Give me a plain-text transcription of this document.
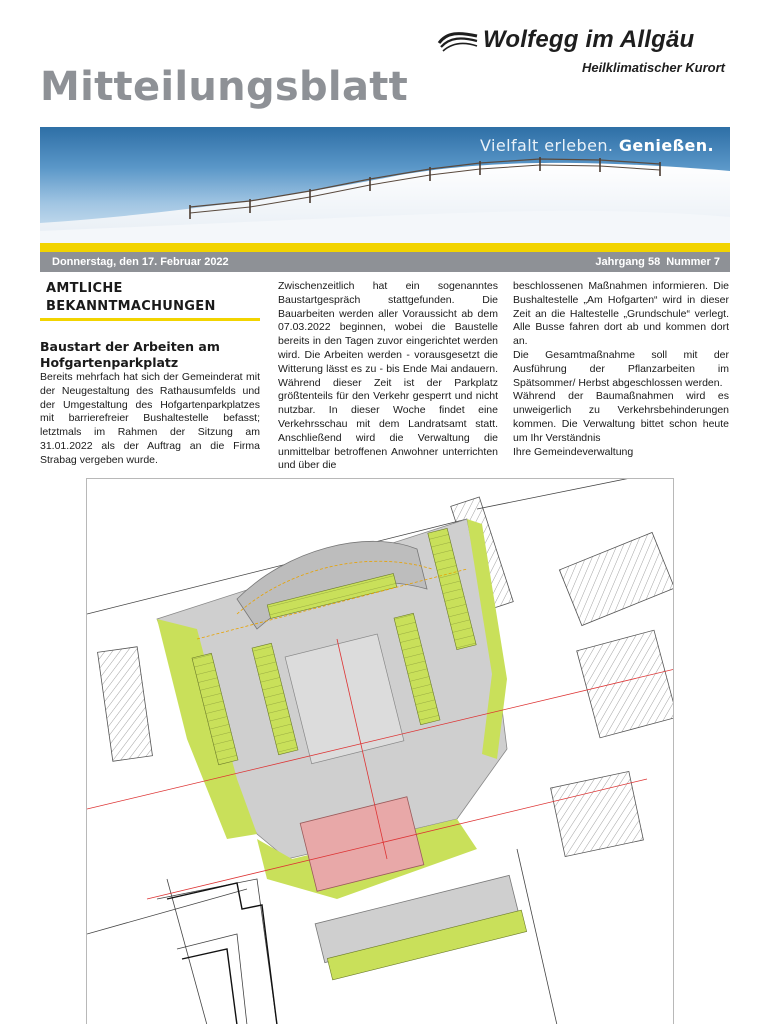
Wolfegg im Allgäu
Heilklimatischer Kurort
Mitteilungsblatt
Vielfalt erleben. Genießen.
Donnerstag, den 17. Februar 2022	Jahrgang 58 Nummer 7
AMTLICHE
BEKANNTMACHUNGEN
Baustart der Arbeiten am Hofgartenparkplatz

Bereits mehrfach hat sich der Gemeinderat mit der Neugestaltung des Rathausumfelds und der Umgestaltung des Hofgartenparkplatzes mit barrierefreier Bushaltestelle befasst; letztmals im Rahmen der Sitzung am 31.01.2022 als der Auftrag an die Firma Strabag vergeben wurde.

Zwischenzeitlich hat ein sogenanntes Baustartgespräch stattgefunden. Die Bauarbeiten werden aller Voraussicht ab dem 07.03.2022 beginnen, wobei die Baustelle bereits in den Tagen zuvor eingerichtet werden wird. Die Arbeiten werden - vorausgesetzt die Witterung lässt es zu - bis Ende Mai andauern. Während dieser Zeit ist der Parkplatz größtenteils für den Verkehr gesperrt und nicht nutzbar. In dieser Woche findet eine Verkehrsschau mit dem Landratsamt statt. Anschließend wird die Verwaltung die unmittelbar betroffenen Anwohner unterrichten und über die

beschlossenen Maßnahmen informieren. Die Bushaltestelle „Am Hofgarten“ wird in dieser Zeit an die Haltestelle „Grundschule“ verlegt. Alle Busse fahren dort ab und kommen dort an.

Die Gesamtmaßnahme soll mit der Ausführung der Pflanzarbeiten im Spätsommer/ Herbst abgeschlossen werden.

Während der Baumaßnahmen wird es unweigerlich zu Verkehrsbehinderungen kommen. Die Verwaltung bittet schon heute um Ihr Verständnis

Ihre Gemeindeverwaltung
